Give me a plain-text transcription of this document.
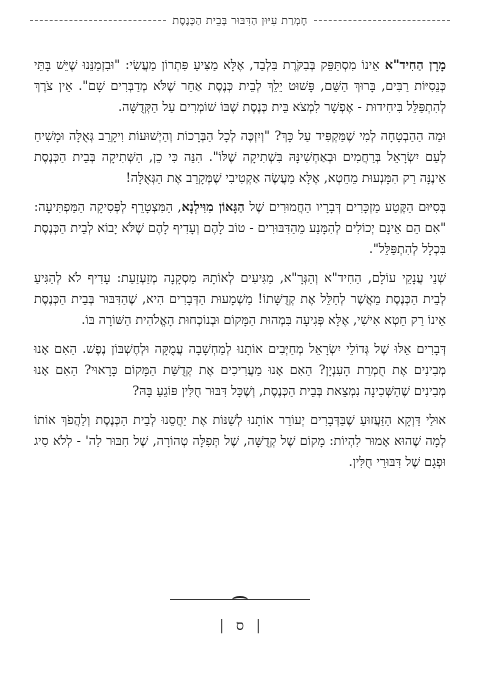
חֶמְרַת עִיּוּן הַדִּבּוּר בְּבֵית הַכְּנֶסֶת

מָרָן הַחִיד"א אֵינוֹ מִסְתַּפֵּק בְּבִקֹּרֶת בִּלְבַד, אֶלָּא מַצִּיעַ פִּתְרוֹן מַעֲשִׂי: "וּבִזְמַנֵּנוּ שֶׁיֵּשׁ בָּתֵּי כְּנֵסִיּוֹת רַבִּים, בָּרוּךְ הַשֵּׁם, פָּשׁוּט יֵלֵךְ לְבֵית כְּנֶסֶת אַחֵר שֶׁלֹּא מְדַבְּרִים שָׁם". אֵין צֹרֶךְ לְהִתְפַּלֵּל בִּיחִידוּת - אֶפְשָׁר לִמְצֹא בֵּית כְּנֶסֶת שֶׁבּוֹ שׁוֹמְרִים עַל הַקְּדֻשָּׁה.

וּמַה הַהַבְטָחָה לְמִי שֶׁמַּקְפִּיד עַל כָּךְ? "וְיִזְכֶּה לְכָל הַבְּרָכוֹת וְהַיְשׁוּעוֹת וִיקָרֵב גְּאֻלָּה וּמָשִׁיחַ לְעַם יִשְׂרָאֵל בְּרַחֲמִים וּבְאַחְשִׁינָּהּ בִּשְׁתִיקָה שֶׁלּוֹ". הִנֵּה כִּי כֵן, הַשְּׁתִיקָה בְּבֵית הַכְּנֶסֶת אֵינֶנָּה רַק הִמָּנְעוּת מֵחֵטְא, אֶלָּא מַעֲשֶׂה אַקְטִיבִי שֶׁמְּקָרֵב אֶת הַגְּאֻלָּה!

בְּסִיּוּם הַקֶּטַע מַזְכָּרִים דְּבָרָיו הַחֲמוּרִים שֶׁל הַגָּאוֹן מִוִּילְנָא, הַמִּצְטָרֵף לְפְּסִיקָה הַמַּפְתִּיעָה: "אִם הֵם אֵינָם יְכוֹלִים לְהִמָּנַע מֵהַדִּבּוּרִים - טוֹב לָהֶם וְעָדִיף לָהֶם שֶׁלֹּא יָבוֹא לְבֵית הַכְּנֶסֶת בִּכְלָל לְהִתְפַּלֵּל".

שְׁנֵי עֲנָקֵי עוֹלָם, הַחִיד"א וְהַגְּרָ"א, מַגִּיעִים לְאוֹתָהּ מַסְקָנָה מְזַעְזַעַת: עָדִיף לֹא לְהַגִּיעַ לְבֵית הַכְּנֶסֶת מֵאֲשֶׁר לְחַלֵּל אֶת קְדֻשָּׁתוֹ! מַשְׁמָעוּת הַדְּבָרִים הִיא, שֶׁהַדִּבּוּר בְּבֵית הַכְּנֶסֶת אֵינוֹ רַק חֵטְא אִישִׁי, אֶלָּא פְּגִיעָה בִּמְהוּת הַמָּקוֹם וּבְנוֹכְחוּת הָאֱלֹהִית הַשּׁוֹרָה בּוֹ.

דְּבָרִים אֵלּוּ שֶׁל גְּדוֹלֵי יִשְׂרָאֵל מְחַיְּבִים אוֹתָנוּ לְמַחְשָׁבָה עֲמֻקָּה וּלְחֶשְׁבּוֹן נֶפֶשׁ. הַאִם אָנוּ מְבִינִים אֶת חֻמְרַת הָעִנְיָן? הַאִם אָנוּ מַעֲרִיכִים אֶת קְדֻשַּׁת הַמָּקוֹם כָּרָאוּי? הַאִם אָנוּ מְבִינִים שֶׁהַשְּׁכִינָה נִמְצֵאת בְּבֵית הַכְּנֶסֶת, וְשֶׁכָּל דִּבּוּר חֻלִּין פּוֹגֵעַ בָּהּ?

אוּלַי דַּוְקָא הַזַּעֲזוּעַ שֶׁבַּדְּבָרִים יְעוֹרֵר אוֹתָנוּ לְשַׁנּוֹת אֶת יַחֲסֵנוּ לְבֵית הַכְּנֶסֶת וְלַהֲפֹךְ אוֹתוֹ לְמָה שֶׁהוּא אָמוּר לִהְיוֹת: מָקוֹם שֶׁל קְדֻשָּׁה, שֶׁל תְּפִלָּה טְהוֹרָה, שֶׁל חִבּוּר לַה' - לְלֹא סִיג וּפְגָם שֶׁל דִּבּוּרֵי חֻלִּין.

|ס|
